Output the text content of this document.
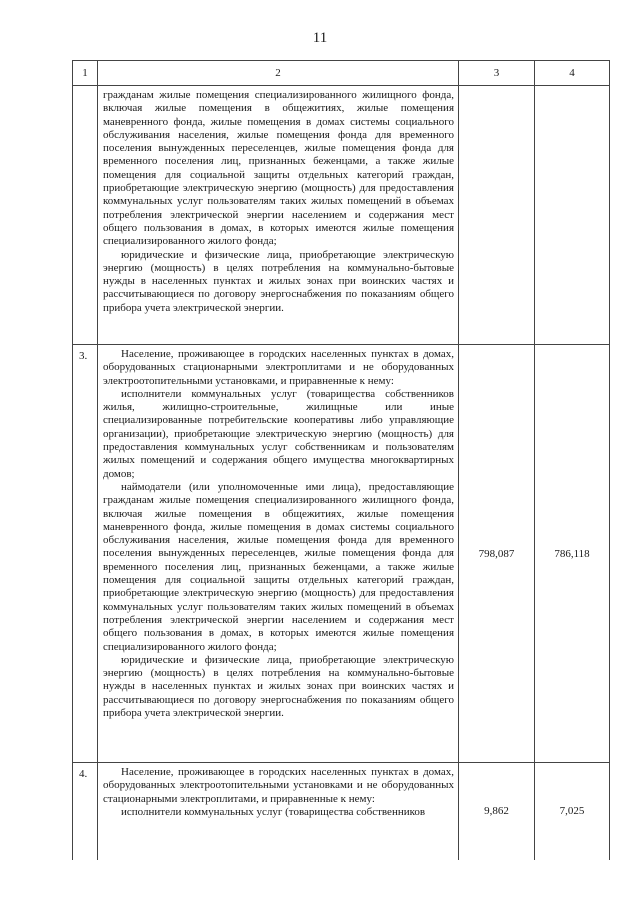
11
1	2	3	4

	гражданам жилые помещения специализированного жилищного фонда, включая жилые помещения в общежитиях, жилые помещения маневренного фонда, жилые помещения в домах системы социального обслуживания населения, жилые помещения фонда для временного поселения вынужденных переселенцев, жилые помещения фонда для временного поселения лиц, признанных беженцами, а также жилые помещения для социальной защиты отдельных категорий граждан, приобретающие электрическую энергию (мощность) для предоставления коммунальных услуг пользователям таких жилых помещений в объемах потребления электрической энергии населением и содержания мест общего пользования в домах, в которых имеются жилые помещения специализированного жилого фонда;

юридические и физические лица, приобретающие электрическую энергию (мощность) в целях потребления на коммунально-бытовые нужды в населенных пунктах и жилых зонах при воинских частях и рассчитывающиеся по договору энергоснабжения по показаниям общего прибора учета электрической энергии.		

3.	Население, проживающее в городских населенных пунктах в домах, оборудованных стационарными электроплитами и не оборудованных электроотопительными установками, и приравненные к нему:

исполнители коммунальных услуг (товарищества собственников жилья, жилищно-строительные, жилищные или иные специализированные потребительские кооперативы либо управляющие организации), приобретающие электрическую энергию (мощность) для предоставления коммунальных услуг собственникам и пользователям жилых помещений и содержания общего имущества многоквартирных домов;

наймодатели (или уполномоченные ими лица), предоставляющие гражданам жилые помещения специализированного жилищного фонда, включая жилые помещения в общежитиях, жилые помещения маневренного фонда, жилые помещения в домах системы социального обслуживания населения, жилые помещения фонда для временного поселения вынужденных переселенцев, жилые помещения фонда для временного поселения лиц, признанных беженцами, а также жилые помещения для социальной защиты отдельных категорий граждан, приобретающие электрическую энергию (мощность) для предоставления коммунальных услуг пользователям таких жилых помещений в объемах потребления электрической энергии населением и содержания мест общего пользования в домах, в которых имеются жилые помещения специализированного жилого фонда;

юридические и физические лица, приобретающие электрическую энергию (мощность) в целях потребления на коммунально-бытовые нужды в населенных пунктах и жилых зонах при воинских частях и рассчитывающиеся по договору энергоснабжения по показаниям общего прибора учета электрической энергии.	798,087	786,118
4.	Население, проживающее в городских населенных пунктах в домах, оборудованных электроотопительными установками и не оборудованных стационарными электроплитами, и приравненные к нему:

исполнители коммунальных услуг (товарищества собственников	9,862	7,025
